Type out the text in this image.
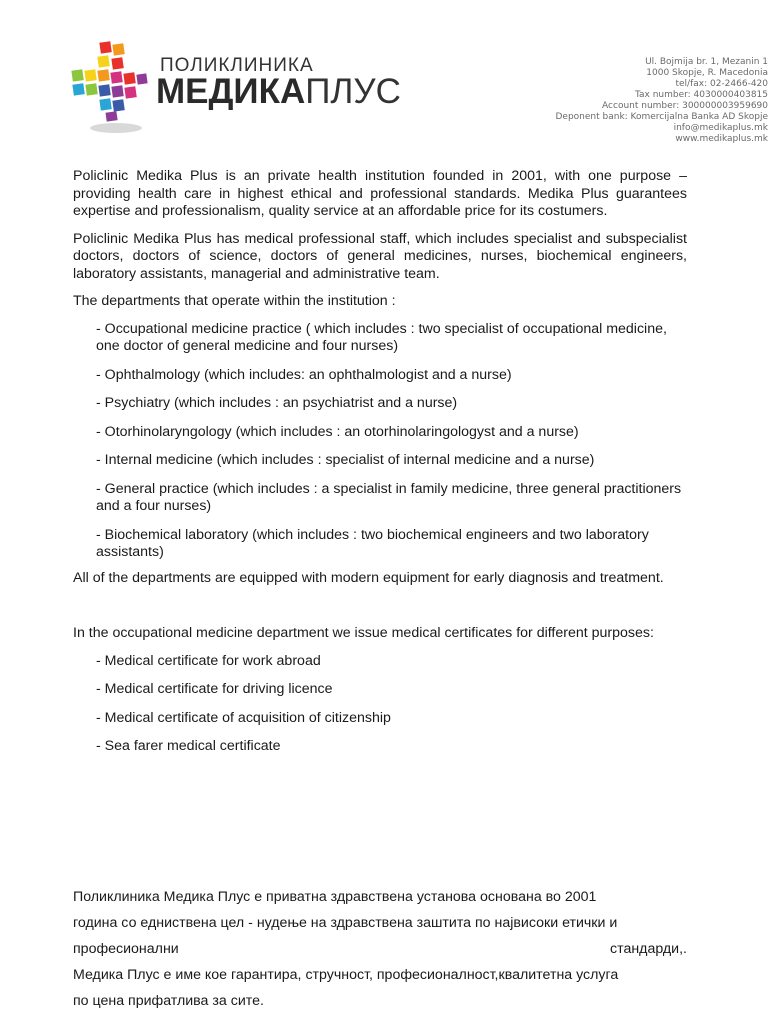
ПОЛИКЛИНИКА
МЕДИКАПЛУС
Ul. Bojmija br. 1, Mezanin 1
1000 Skopje, R. Macedonia
tel/fax: 02-2466-420
Tax number: 4030000403815
Account number: 300000003959690
Deponent bank: Komercijalna Banka AD Skopje
info@medikaplus.mk
www.medikaplus.mk

Policlinic Medika Plus is an private health institution founded in 2001, with one purpose – providing health care in highest ethical and professional standards. Medika Plus guarantees expertise and professionalism, quality service at an affordable price for its costumers.

Policlinic Medika Plus has medical professional staff, which includes specialist and subspecialist doctors, doctors of science, doctors of general medicines, nurses, biochemical engineers, laboratory assistants, managerial and administrative team.

The departments that operate within the institution :

- Occupational medicine practice ( which includes : two specialist of occupational medicine, one doctor of general medicine and four nurses)
- Ophthalmology (which includes: an ophthalmologist and a nurse)
- Psychiatry (which includes : an psychiatrist and a nurse)
- Otorhinolaryngology (which includes : an otorhinolaringologyst and a nurse)
- Internal medicine (which includes : specialist of internal medicine and a nurse)
- General practice (which includes : a specialist in family medicine, three general practitioners and a four nurses)
- Biochemical laboratory (which includes : two biochemical engineers and two laboratory assistants)

All of the departments are equipped with modern equipment for early diagnosis and treatment.

In the occupational medicine department we issue medical certificates for different purposes:

- Medical certificate for work abroad
- Medical certificate for driving licence
- Medical certificate of acquisition of citizenship
- Sea farer medical certificate
Поликлиника Медика Плус е приватна здравствена установа основана во 2001
година со едниствена цел - нудење на здравствена заштита по највисоки етички и
професионални	стандарди,.
Медика Плус е име кое гарантира, стручност, професионалност,квалитетна услуга
по цена прифатлива за сите.
